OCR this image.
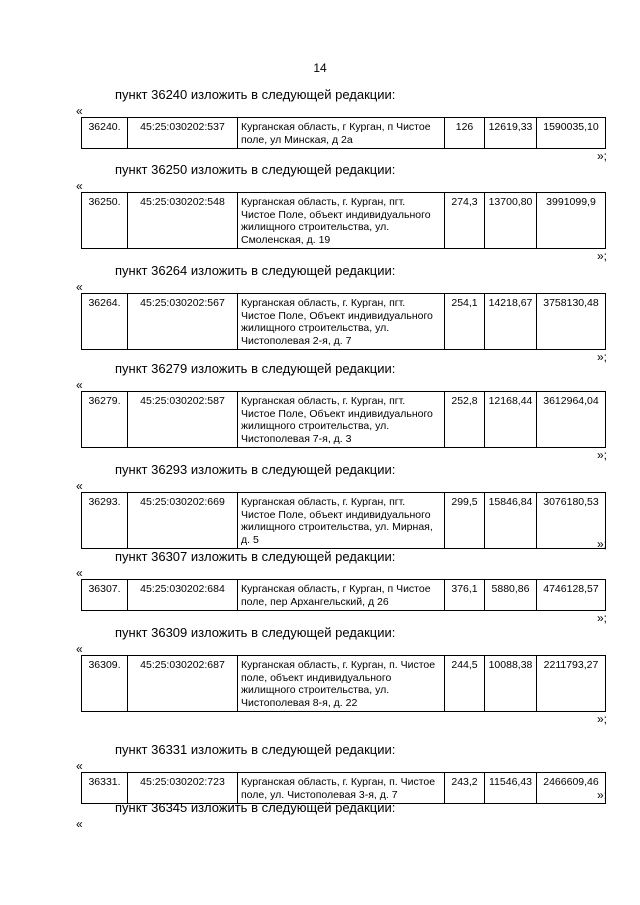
14
пункт 36240 изложить в следующей редакции:
«
36240.	45:25:030202:537	Курганская область, г Курган, п Чистое поле, ул Минская, д 2а	126	12619,33	1590035,10
»;
пункт 36250 изложить в следующей редакции:
«
36250.	45:25:030202:548	Курганская область, г. Курган, пгт. Чистое Поле, объект индивидуального жилищного строительства, ул. Смоленская, д. 19	274,3	13700,80	3991099,9
»;
пункт 36264 изложить в следующей редакции:
«
36264.	45:25:030202:567	Курганская область, г. Курган, пгт. Чистое Поле, Объект индивидуального жилищного строительства, ул. Чистополевая 2-я, д. 7	254,1	14218,67	3758130,48
»;
пункт 36279 изложить в следующей редакции:
«
36279.	45:25:030202:587	Курганская область, г. Курган, пгт. Чистое Поле, Объект индивидуального жилищного строительства, ул. Чистополевая 7-я, д. 3	252,8	12168,44	3612964,04
»;
пункт 36293 изложить в следующей редакции:
«
36293.	45:25:030202:669	Курганская область, г. Курган, пгт. Чистое Поле, объект индивидуального жилищного строительства, ул. Мирная, д. 5	299,5	15846,84	3076180,53
»;
пункт 36307 изложить в следующей редакции:
«
36307.	45:25:030202:684	Курганская область, г Курган, п Чистое поле, пер Архангельский, д 26	376,1	5880,86	4746128,57
»;
пункт 36309 изложить в следующей редакции:
«
36309.	45:25:030202:687	Курганская область, г. Курган, п. Чистое поле, объект индивидуального жилищного строительства, ул. Чистополевая 8-я, д. 22	244,5	10088,38	2211793,27
»;
пункт 36331 изложить в следующей редакции:
«
36331.	45:25:030202:723	Курганская область, г. Курган, п. Чистое поле, ул. Чистополевая 3-я, д. 7	243,2	11546,43	2466609,46
»;
пункт 36345 изложить в следующей редакции:
«
